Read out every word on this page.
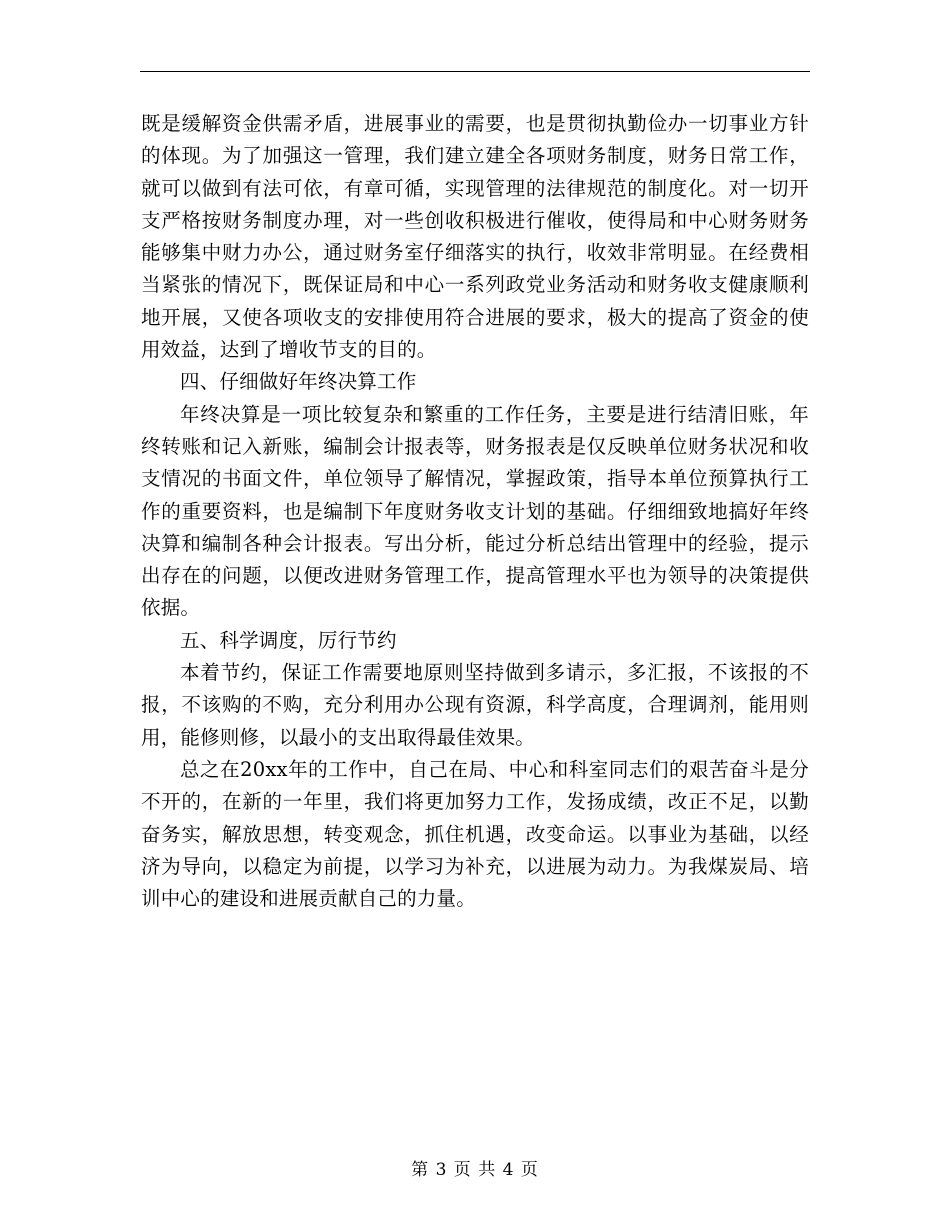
既是缓解资金供需矛盾，进展事业的需要，也是贯彻执勤俭办一切事业方针的体现。为了加强这一管理，我们建立建全各项财务制度，财务日常工作，就可以做到有法可依，有章可循，实现管理的法律规范的制度化。对一切开支严格按财务制度办理，对一些创收积极进行催收，使得局和中心财务财务能够集中财力办公，通过财务室仔细落实的执行，收效非常明显。在经费相当紧张的情况下，既保证局和中心一系列政党业务活动和财务收支健康顺利地开展，又使各项收支的安排使用符合进展的要求，极大的提高了资金的使用效益，达到了增收节支的目的。

四、仔细做好年终决算工作

年终决算是一项比较复杂和繁重的工作任务，主要是进行结清旧账，年终转账和记入新账，编制会计报表等，财务报表是仅反映单位财务状况和收支情况的书面文件，单位领导了解情况，掌握政策，指导本单位预算执行工作的重要资料，也是编制下年度财务收支计划的基础。仔细细致地搞好年终决算和编制各种会计报表。写出分析，能过分析总结出管理中的经验，提示出存在的问题，以便改进财务管理工作，提高管理水平也为领导的决策提供依据。

五、科学调度，厉行节约

本着节约，保证工作需要地原则坚持做到多请示，多汇报，不该报的不报，不该购的不购，充分利用办公现有资源，科学高度，合理调剂，能用则用，能修则修，以最小的支出取得最佳效果。

总之在20xx年的工作中，自己在局、中心和科室同志们的艰苦奋斗是分不开的，在新的一年里，我们将更加努力工作，发扬成绩，改正不足，以勤奋务实，解放思想，转变观念，抓住机遇，改变命运。以事业为基础，以经济为导向，以稳定为前提，以学习为补充，以进展为动力。为我煤炭局、培训中心的建设和进展贡献自己的力量。

第 3 页 共 4 页
